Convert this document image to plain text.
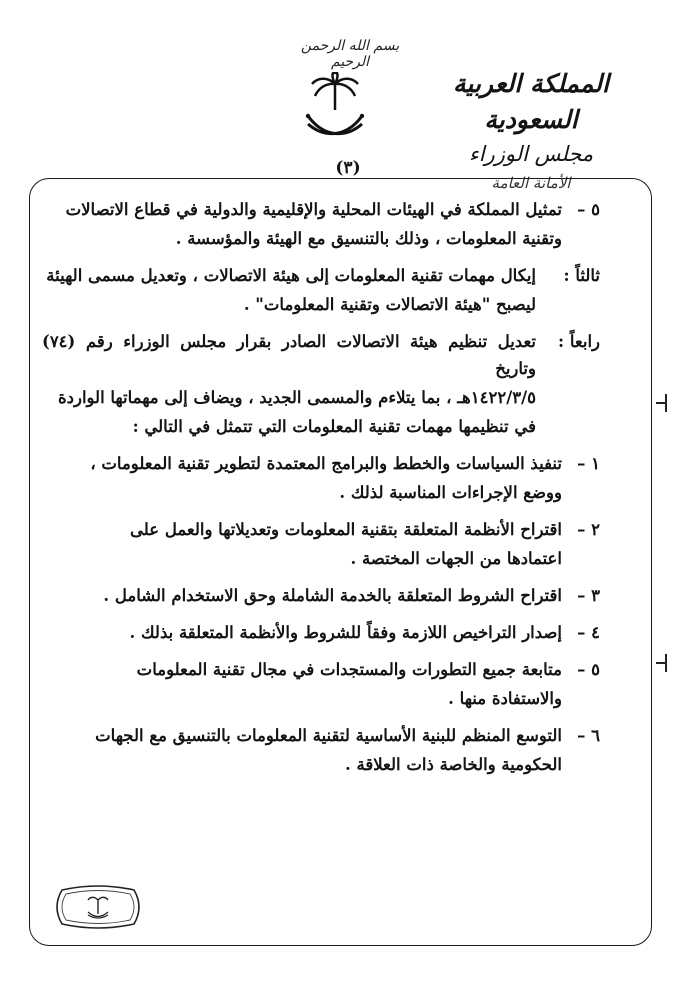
بسم الله الرحمن الرحيم
المملكة العربية السعودية
مجلس الوزراء
الأمانة العامة
(٣)
٥ –

تمثيل المملكة في الهيئات المحلية والإقليمية والدولية في قطاع الاتصالات

وتقنية المعلومات ، وذلك بالتنسيق مع الهيئة والمؤسسة .

ثالثاً :

إيكال مهمات تقنية المعلومات إلى هيئة الاتصالات ، وتعديل مسمى الهيئة

ليصبح "هيئة الاتصالات وتقنية المعلومات" .

رابعاً :

تعديل تنظيم هيئة الاتصالات الصادر بقرار مجلس الوزراء رقم (٧٤) وتاريخ

١٤٢٢/٣/٥هـ ، بما يتلاءم والمسمى الجديد ، ويضاف إلى مهماتها الواردة

في تنظيمها مهمات تقنية المعلومات التي تتمثل في التالي :

١ –

تنفيذ السياسات والخطط والبرامج المعتمدة لتطوير تقنية المعلومات ،

ووضع الإجراءات المناسبة لذلك .

٢ –

اقتراح الأنظمة المتعلقة بتقنية المعلومات وتعديلاتها والعمل على

اعتمادها من الجهات المختصة .

٣ –

اقتراح الشروط المتعلقة بالخدمة الشاملة وحق الاستخدام الشامل .

٤ –

إصدار التراخيص اللازمة وفقاً للشروط والأنظمة المتعلقة بذلك .

٥ –

متابعة جميع التطورات والمستجدات في مجال تقنية المعلومات

والاستفادة منها .

٦ –

التوسع المنظم للبنية الأساسية لتقنية المعلومات بالتنسيق مع الجهات

الحكومية والخاصة ذات العلاقة .
